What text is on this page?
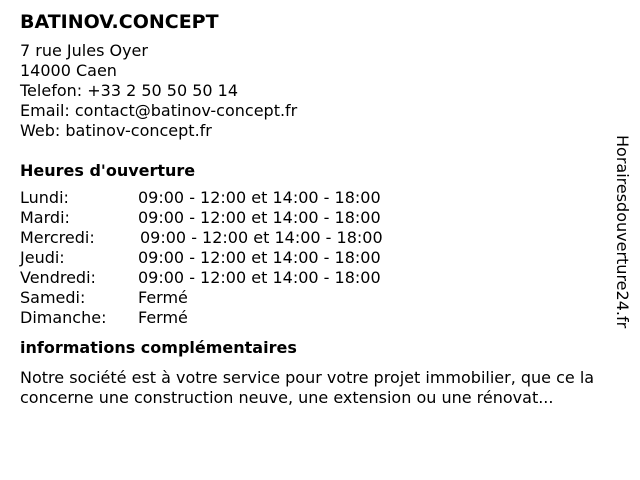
BATINOV.CONCEPT
7 rue Jules Oyer
14000 Caen
Telefon: +33 2 50 50 50 14
Email: contact@batinov-concept.fr
Web: batinov-concept.fr
Heures d'ouverture
Lundi:	09:00 - 12:00 et 14:00 - 18:00
Mardi:	09:00 - 12:00 et 14:00 - 18:00
Mercredi:	09:00 - 12:00 et 14:00 - 18:00
Jeudi:	09:00 - 12:00 et 14:00 - 18:00
Vendredi:	09:00 - 12:00 et 14:00 - 18:00
Samedi:	Fermé
Dimanche:	Fermé
informations complémentaires
Notre société est à votre service pour votre projet immobilier, que ce la concerne une construction neuve, une extension ou une rénovat...
Horairesdouverture24.fr
